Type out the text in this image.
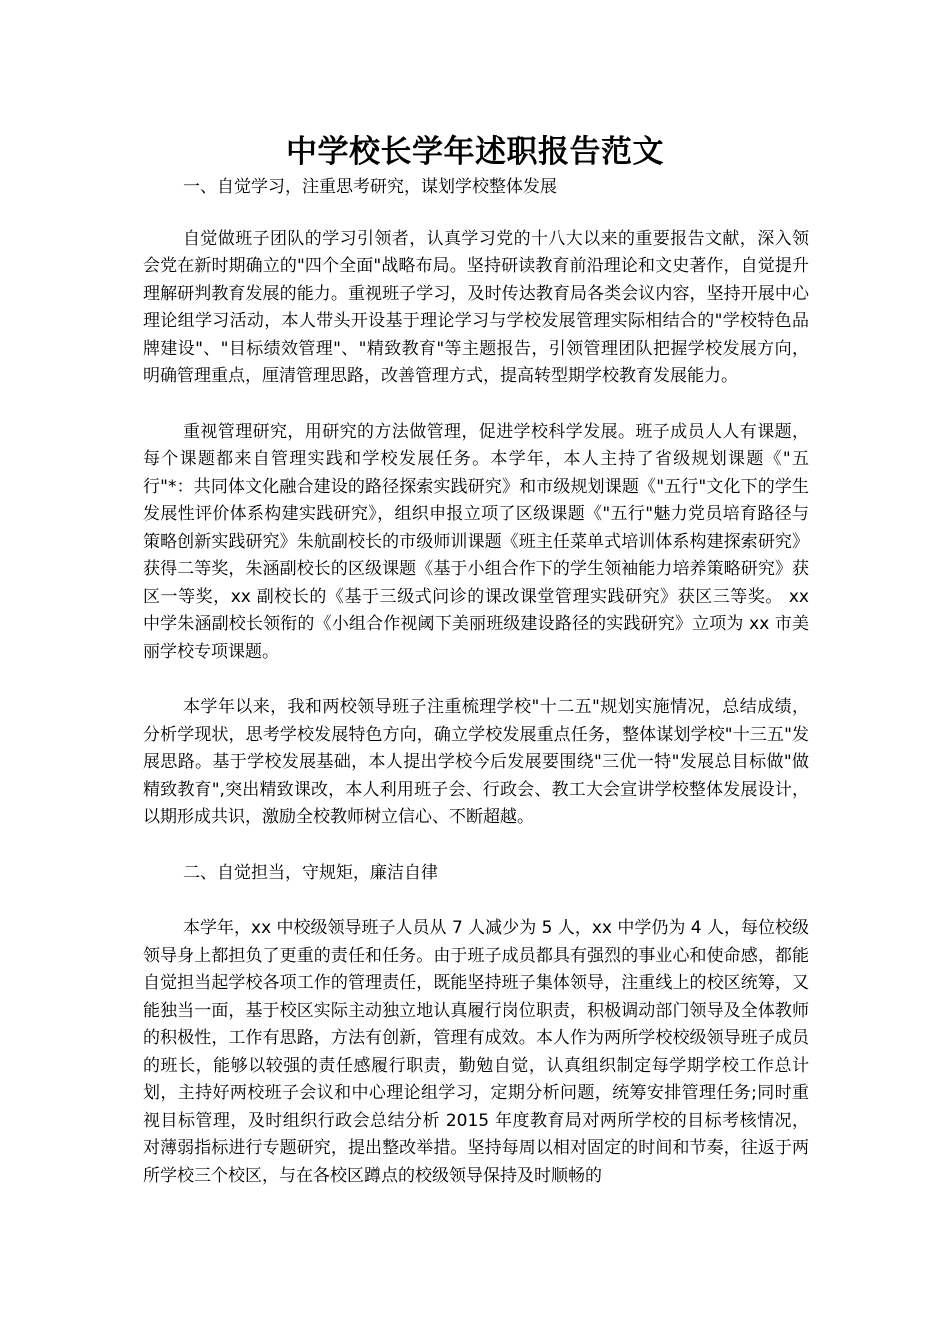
中学校长学年述职报告范文

一、自觉学习，注重思考研究，谋划学校整体发展

自觉做班子团队的学习引领者，认真学习党的十八大以来的重要报告文献，深入领会党在新时期确立的"四个全面"战略布局。坚持研读教育前沿理论和文史著作，自觉提升理解研判教育发展的能力。重视班子学习，及时传达教育局各类会议内容，坚持开展中心理论组学习活动，本人带头开设基于理论学习与学校发展管理实际相结合的"学校特色品牌建设"、"目标绩效管理"、"精致教育"等主题报告，引领管理团队把握学校发展方向，明确管理重点，厘清管理思路，改善管理方式，提高转型期学校教育发展能力。

重视管理研究，用研究的方法做管理，促进学校科学发展。班子成员人人有课题，每个课题都来自管理实践和学校发展任务。本学年，本人主持了省级规划课题《"五行"*：共同体文化融合建设的路径探索实践研究》和市级规划课题《"五行"文化下的学生发展性评价体系构建实践研究》，组织申报立项了区级课题《"五行"魅力党员培育路径与策略创新实践研究》朱航副校长的市级师训课题《班主任菜单式培训体系构建探索研究》获得二等奖，朱涵副校长的区级课题《基于小组合作下的学生领袖能力培养策略研究》获区一等奖，xx 副校长的《基于三级式问诊的课改课堂管理实践研究》获区三等奖。 xx 中学朱涵副校长领衔的《小组合作视阈下美丽班级建设路径的实践研究》立项为 xx 市美丽学校专项课题。

本学年以来，我和两校领导班子注重梳理学校"十二五"规划实施情况，总结成绩，分析学现状，思考学校发展特色方向，确立学校发展重点任务，整体谋划学校"十三五"发展思路。基于学校发展基础，本人提出学校今后发展要围绕"三优一特"发展总目标做"做精致教育",突出精致课改，本人利用班子会、行政会、教工大会宣讲学校整体发展设计，以期形成共识，激励全校教师树立信心、不断超越。

二、自觉担当，守规矩，廉洁自律

本学年，xx 中校级领导班子人员从 7 人减少为 5 人，xx 中学仍为 4 人，每位校级领导身上都担负了更重的责任和任务。由于班子成员都具有强烈的事业心和使命感，都能自觉担当起学校各项工作的管理责任，既能坚持班子集体领导，注重线上的校区统筹，又能独当一面，基于校区实际主动独立地认真履行岗位职责，积极调动部门领导及全体教师的积极性，工作有思路，方法有创新，管理有成效。本人作为两所学校校级领导班子成员的班长，能够以较强的责任感履行职责，勤勉自觉，认真组织制定每学期学校工作总计划，主持好两校班子会议和中心理论组学习，定期分析问题，统筹安排管理任务;同时重视目标管理，及时组织行政会总结分析 2015 年度教育局对两所学校的目标考核情况，对薄弱指标进行专题研究，提出整改举措。坚持每周以相对固定的时间和节奏，往返于两所学校三个校区，与在各校区蹲点的校级领导保持及时顺畅的
